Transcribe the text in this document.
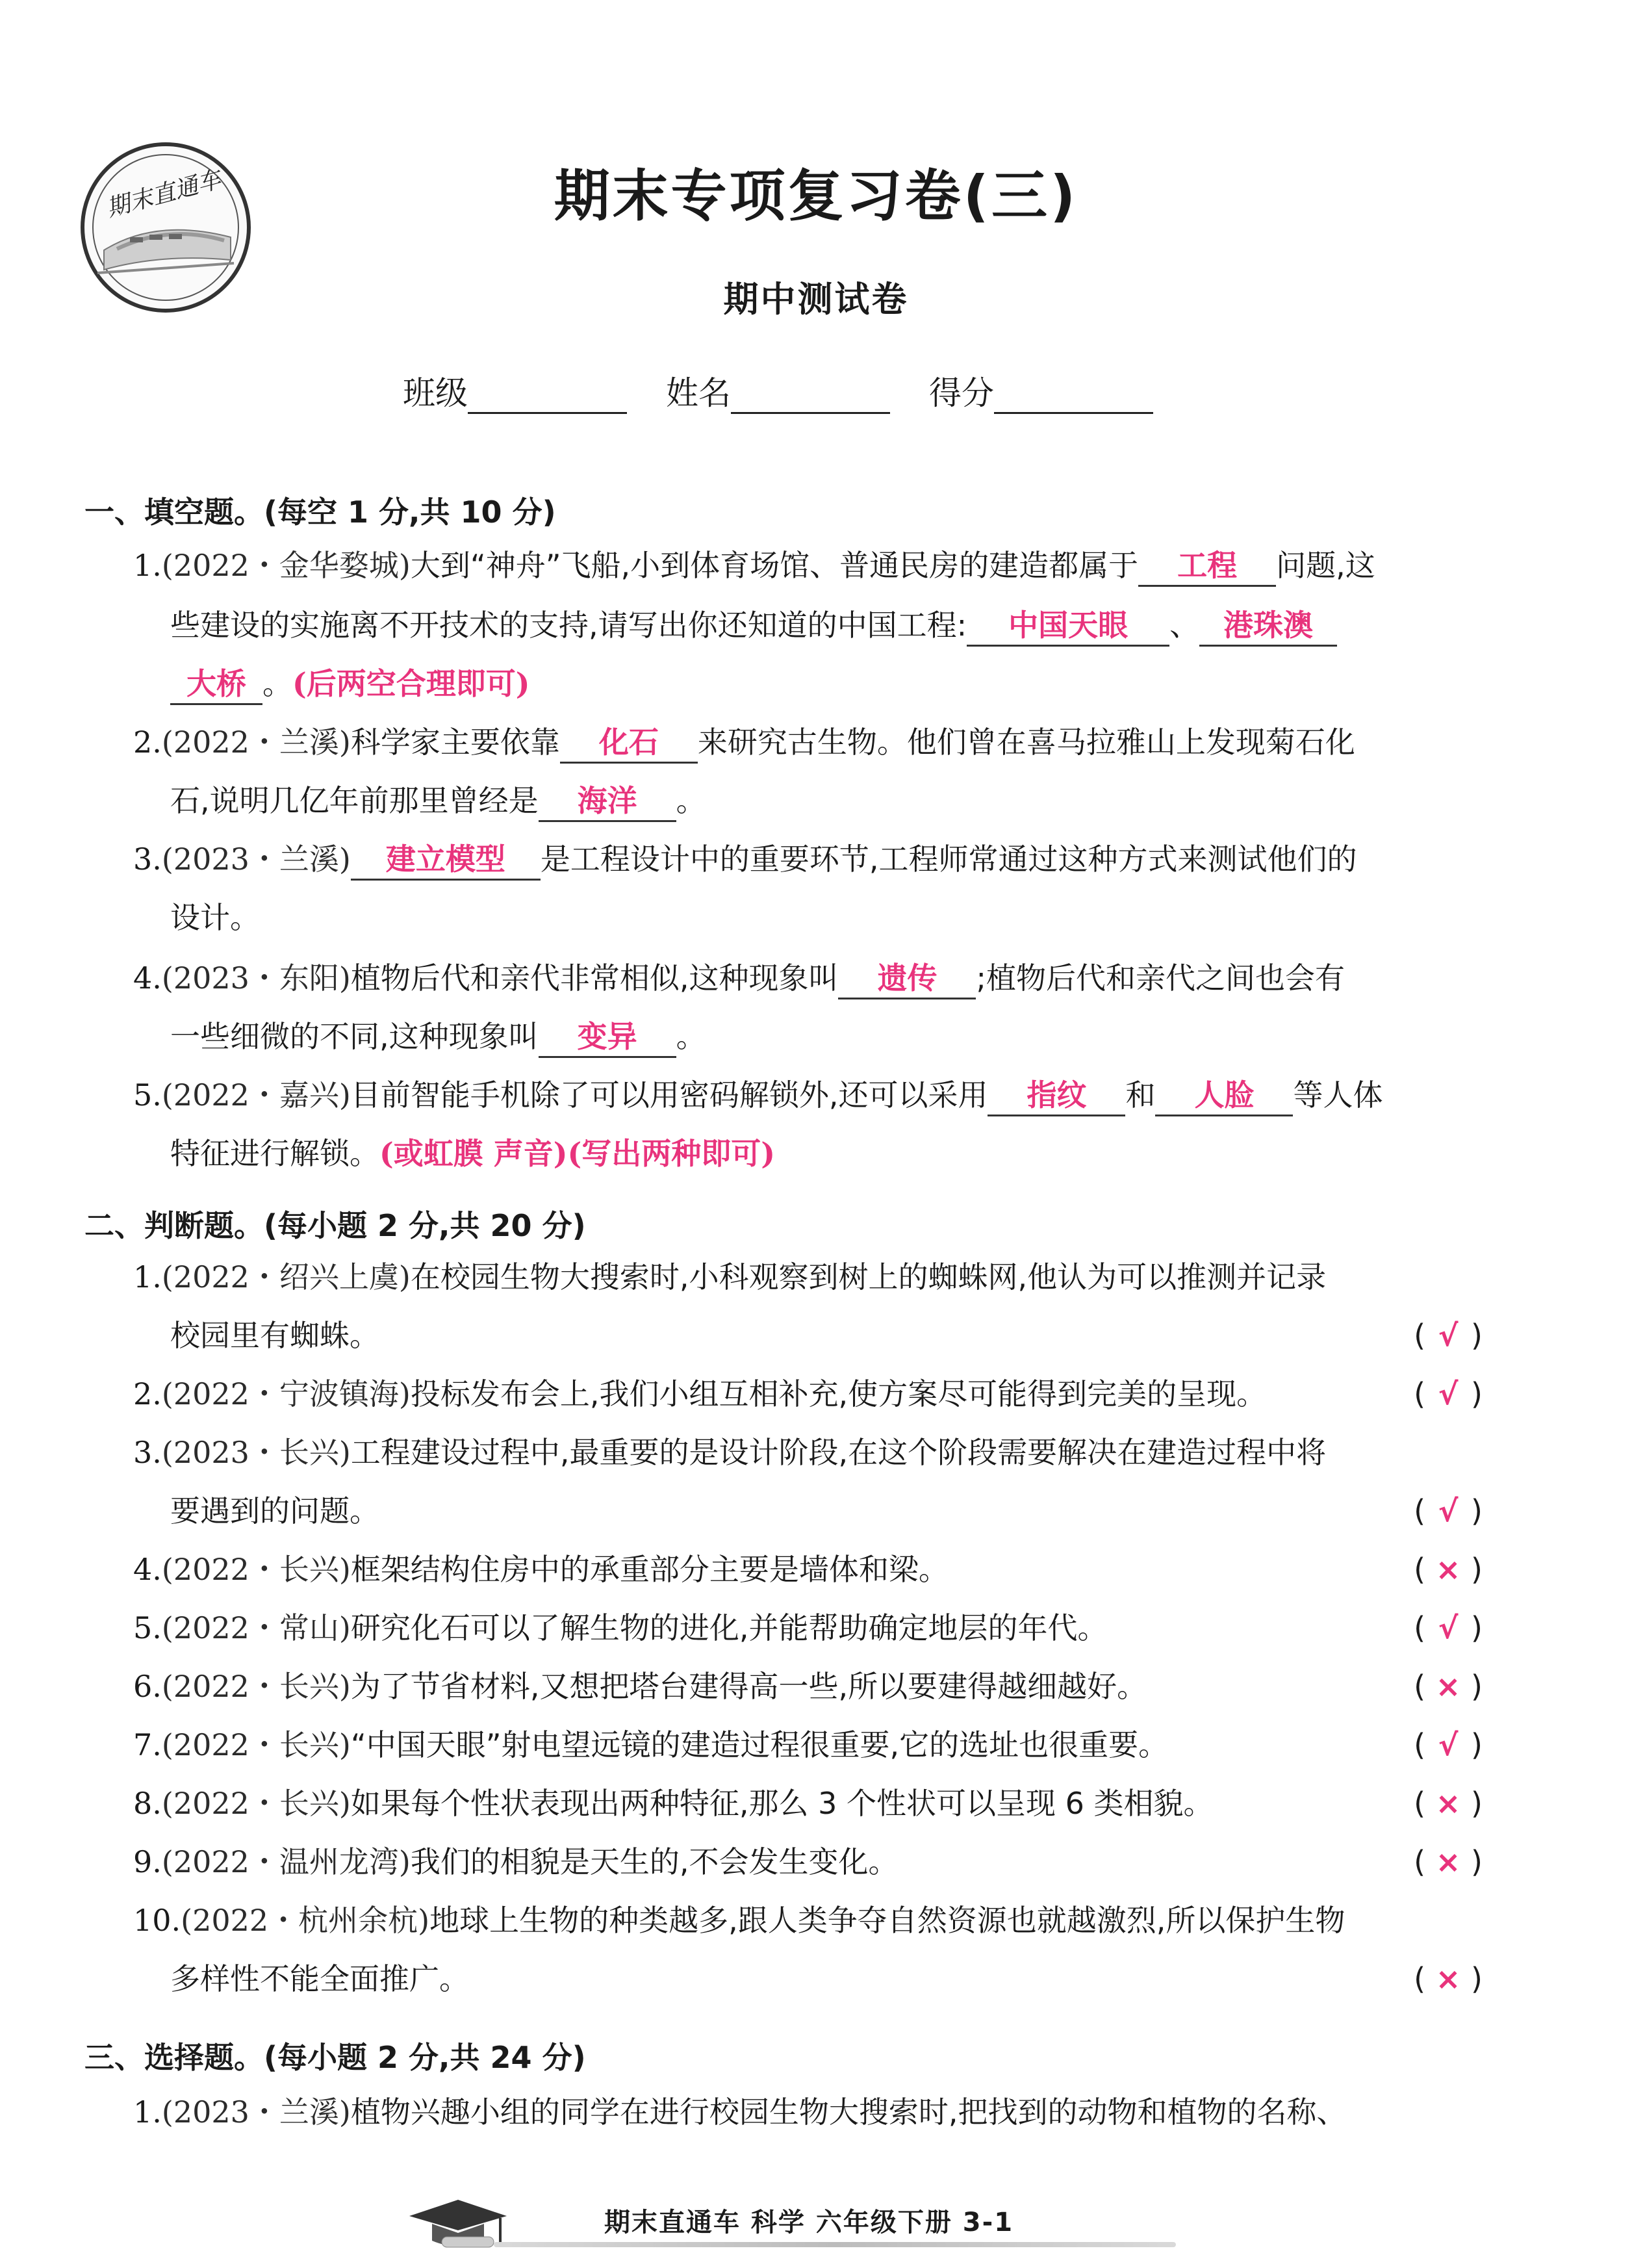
期末直通车	期末专项复习卷(三)
期中测试卷
班级	姓名	得分
一、填空题。(每空 1 分,共 10 分)
1.(2022・金华婺城)大到“神舟”飞船,小到体育场馆、普通民房的建造都属于 工程 问题,这
些建设的实施离不开技术的支持,请写出你还知道的中国工程: 中国天眼 、 港珠澳
大桥 。(后两空合理即可)
2.(2022・兰溪)科学家主要依靠 化石 来研究古生物。他们曾在喜马拉雅山上发现菊石化
石,说明几亿年前那里曾经是 海洋 。
3.(2023・兰溪) 建立模型 是工程设计中的重要环节,工程师常通过这种方式来测试他们的
设计。
4.(2023・东阳)植物后代和亲代非常相似,这种现象叫 遗传 ;植物后代和亲代之间也会有
一些细微的不同,这种现象叫 变异 。
5.(2022・嘉兴)目前智能手机除了可以用密码解锁外,还可以采用 指纹 和 人脸 等人体
特征进行解锁。(或虹膜 声音)(写出两种即可)
二、判断题。(每小题 2 分,共 20 分)
1.(2022・绍兴上虞)在校园生物大搜索时,小科观察到树上的蜘蛛网,他认为可以推测并记录
校园里有蜘蛛。	( √ )
2.(2022・宁波镇海)投标发布会上,我们小组互相补充,使方案尽可能得到完美的呈现。	( √ )
3.(2023・长兴)工程建设过程中,最重要的是设计阶段,在这个阶段需要解决在建造过程中将
要遇到的问题。	( √ )
4.(2022・长兴)框架结构住房中的承重部分主要是墙体和梁。	( × )
5.(2022・常山)研究化石可以了解生物的进化,并能帮助确定地层的年代。	( √ )
6.(2022・长兴)为了节省材料,又想把塔台建得高一些,所以要建得越细越好。	( × )
7.(2022・长兴)“中国天眼”射电望远镜的建造过程很重要,它的选址也很重要。	( √ )
8.(2022・长兴)如果每个性状表现出两种特征,那么 3 个性状可以呈现 6 类相貌。	( × )
9.(2022・温州龙湾)我们的相貌是天生的,不会发生变化。	( × )
10.(2022・杭州余杭)地球上生物的种类越多,跟人类争夺自然资源也就越激烈,所以保护生物
多样性不能全面推广。	( × )
三、选择题。(每小题 2 分,共 24 分)
1.(2023・兰溪)植物兴趣小组的同学在进行校园生物大搜索时,把找到的动物和植物的名称、
期末直通车 科学 六年级下册 3-1
